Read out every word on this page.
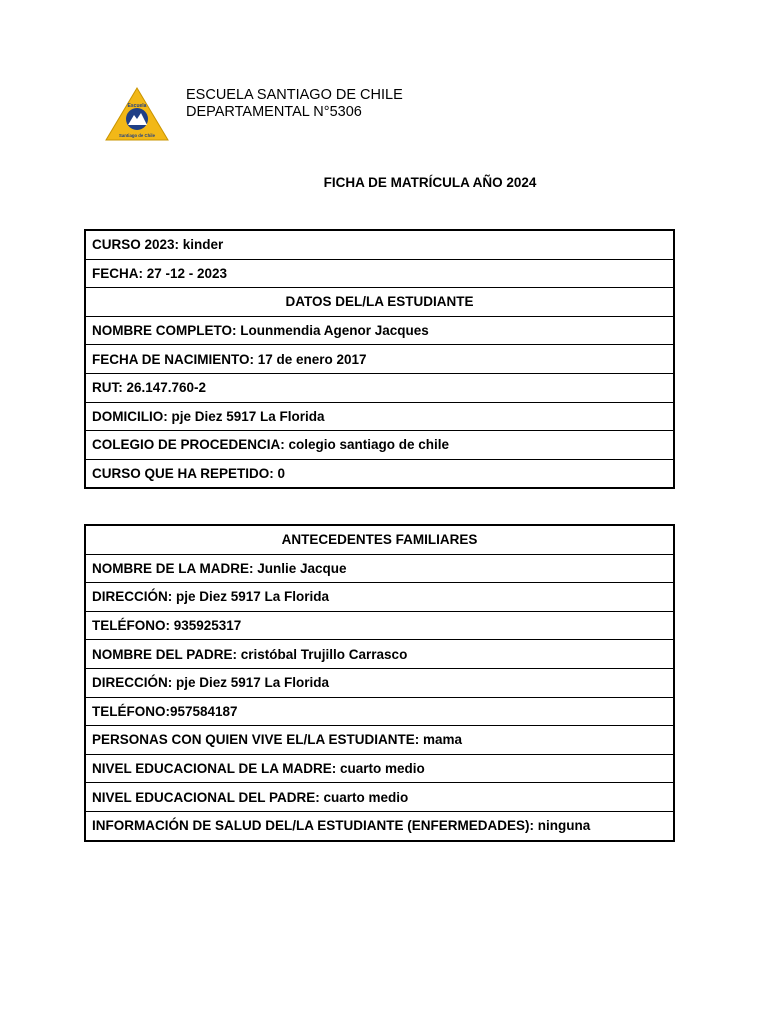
Escuela
Santiago de Chile
ESCUELA SANTIAGO DE CHILE
DEPARTAMENTAL N°5306
FICHA DE MATRÍCULA AÑO 2024
CURSO 2023: kinder
FECHA: 27 -12 - 2023
DATOS DEL/LA ESTUDIANTE
NOMBRE COMPLETO: Lounmendia Agenor Jacques
FECHA DE NACIMIENTO: 17 de enero 2017
RUT: 26.147.760-2
DOMICILIO: pje Diez 5917 La Florida
COLEGIO DE PROCEDENCIA: colegio santiago de chile
CURSO QUE HA REPETIDO: 0
ANTECEDENTES FAMILIARES
NOMBRE DE LA MADRE: Junlie Jacque
DIRECCIÓN: pje Diez 5917 La Florida
TELÉFONO: 935925317
NOMBRE DEL PADRE: cristóbal Trujillo Carrasco
DIRECCIÓN: pje Diez 5917 La Florida
TELÉFONO:957584187
PERSONAS CON QUIEN VIVE EL/LA ESTUDIANTE: mama
NIVEL EDUCACIONAL DE LA MADRE: cuarto medio
NIVEL EDUCACIONAL DEL PADRE: cuarto medio
INFORMACIÓN DE SALUD DEL/LA ESTUDIANTE (ENFERMEDADES): ninguna
